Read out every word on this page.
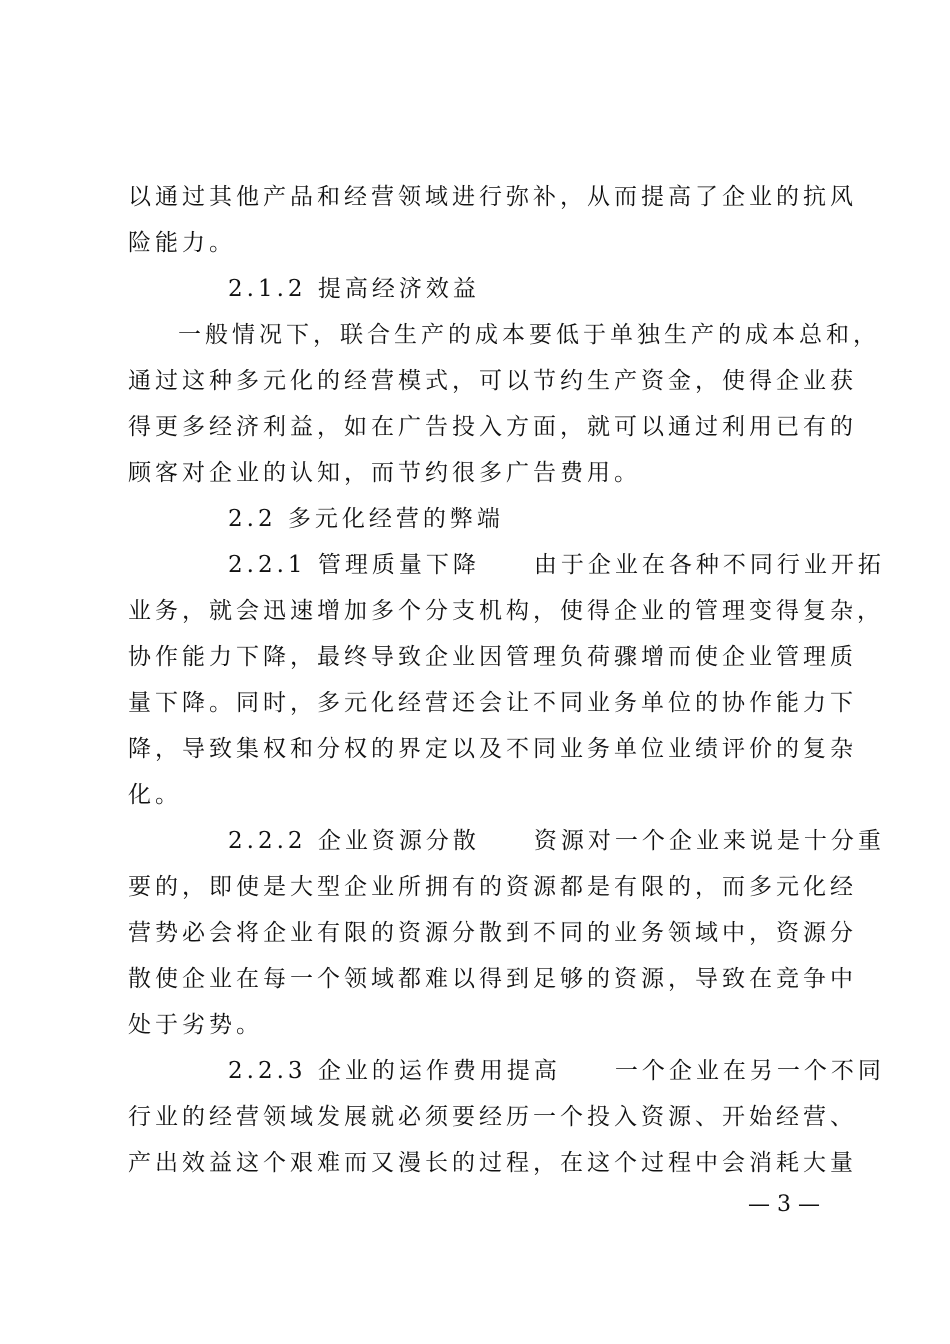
以通过其他产品和经营领域进行弥补，从而提高了企业的抗风
险能力。
2.1.2 提高经济效益
一般情况下，联合生产的成本要低于单独生产的成本总和，
通过这种多元化的经营模式，可以节约生产资金，使得企业获
得更多经济利益，如在广告投入方面，就可以通过利用已有的
顾客对企业的认知，而节约很多广告费用。
2.2 多元化经营的弊端
2.2.1 管理质量下降　　由于企业在各种不同行业开拓
业务，就会迅速增加多个分支机构，使得企业的管理变得复杂，
协作能力下降，最终导致企业因管理负荷骤增而使企业管理质
量下降。同时，多元化经营还会让不同业务单位的协作能力下
降，导致集权和分权的界定以及不同业务单位业绩评价的复杂
化。
2.2.2 企业资源分散　　资源对一个企业来说是十分重
要的，即使是大型企业所拥有的资源都是有限的，而多元化经
营势必会将企业有限的资源分散到不同的业务领域中，资源分
散使企业在每一个领域都难以得到足够的资源，导致在竞争中
处于劣势。
2.2.3 企业的运作费用提高　　一个企业在另一个不同
行业的经营领域发展就必须要经历一个投入资源、开始经营、
产出效益这个艰难而又漫长的过程，在这个过程中会消耗大量
— 3 —
